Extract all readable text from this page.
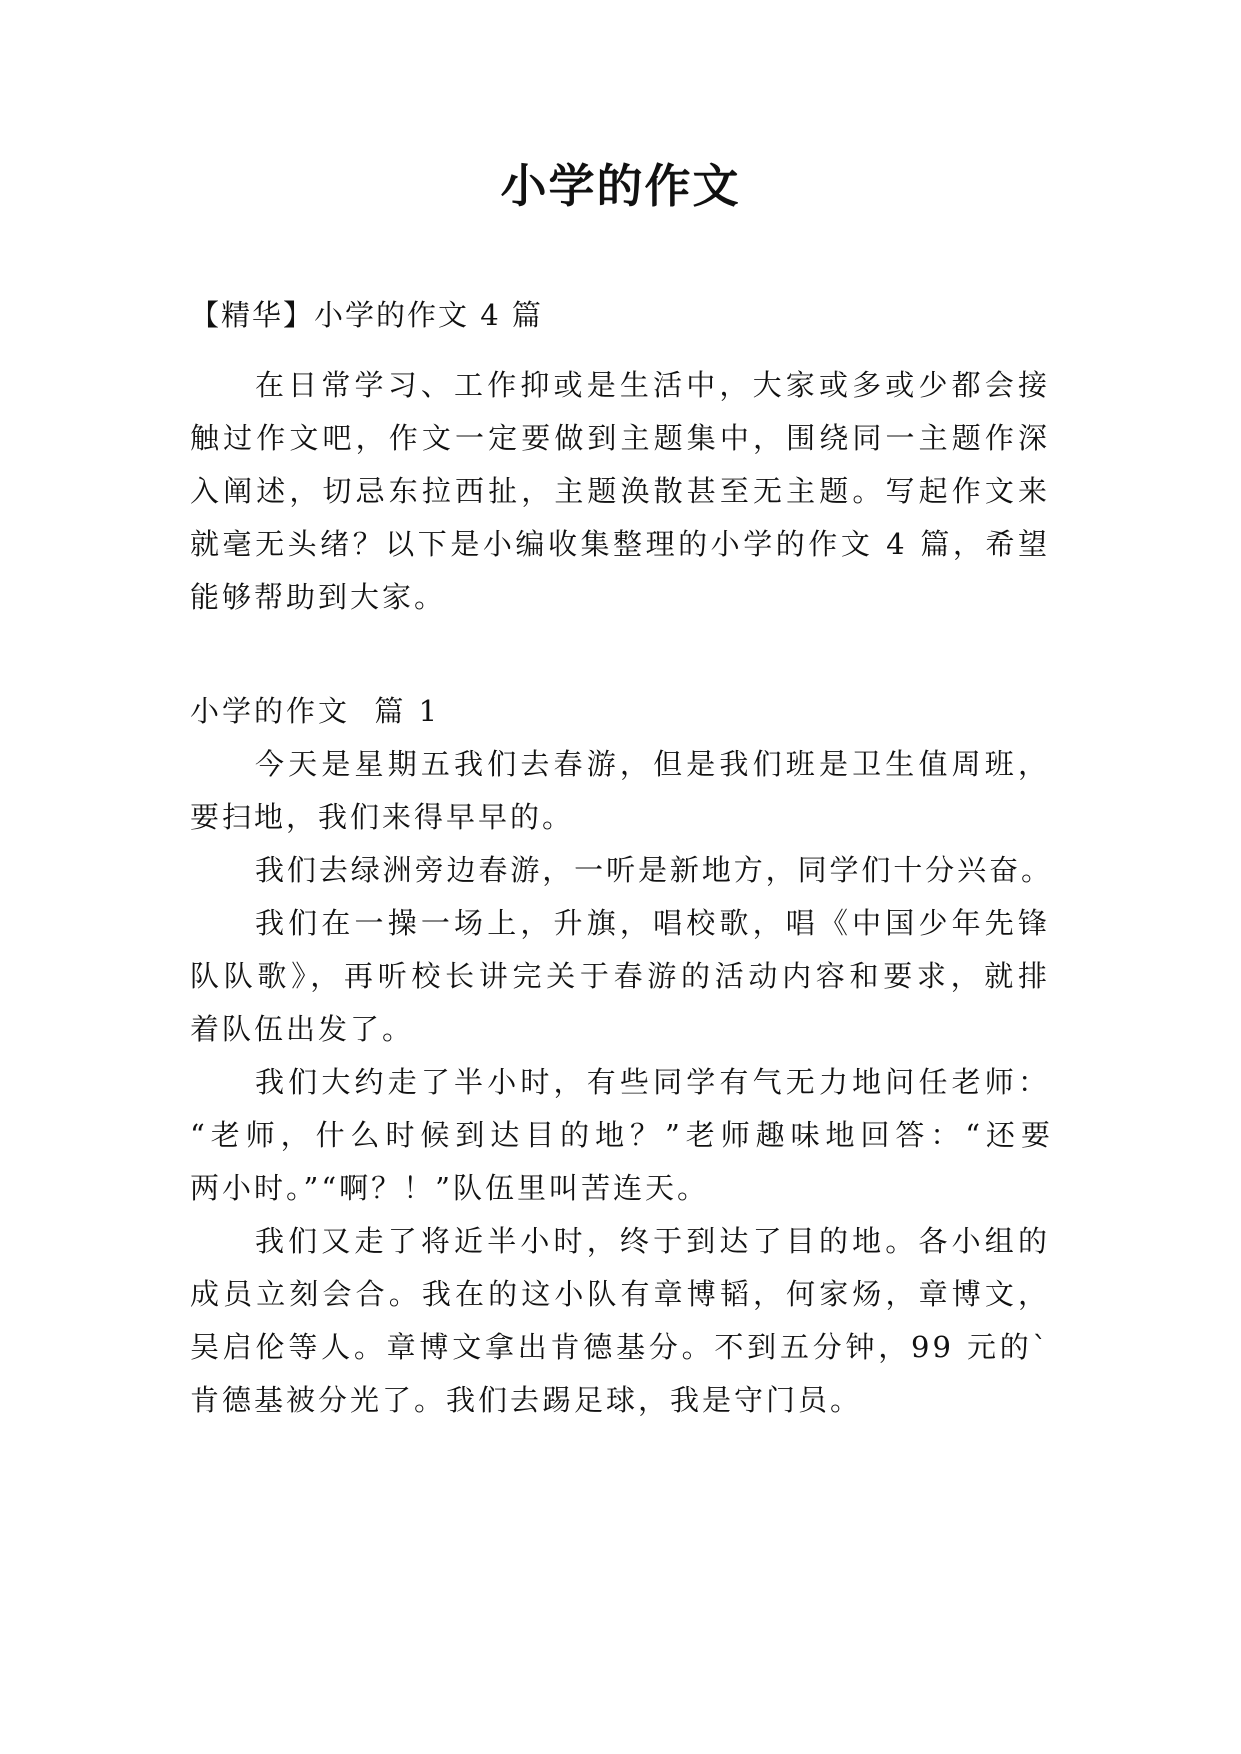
小学的作文
【精华】小学的作文 4 篇
在日常学习、工作抑或是生活中，大家或多或少都会接
触过作文吧，作文一定要做到主题集中，围绕同一主题作深
入阐述，切忌东拉西扯，主题涣散甚至无主题。写起作文来
就毫无头绪？以下是小编收集整理的小学的作文 4 篇，希望
能够帮助到大家。
小学的作文  篇 1
今天是星期五我们去春游，但是我们班是卫生值周班，
要扫地，我们来得早早的。
我们去绿洲旁边春游，一听是新地方，同学们十分兴奋。
我们在一操一场上，升旗，唱校歌，唱《中国少年先锋
队队歌》，再听校长讲完关于春游的活动内容和要求，就排
着队伍出发了。
我们大约走了半小时，有些同学有气无力地问任老师：
“老师，什么时候到达目的地？”老师趣味地回答：“还要
两小时。”“啊？！”队伍里叫苦连天。
我们又走了将近半小时，终于到达了目的地。各小组的
成员立刻会合。我在的这小队有章博韬，何家炀，章博文，
吴启伦等人。章博文拿出肯德基分。不到五分钟，99 元的`
肯德基被分光了。我们去踢足球，我是守门员。
